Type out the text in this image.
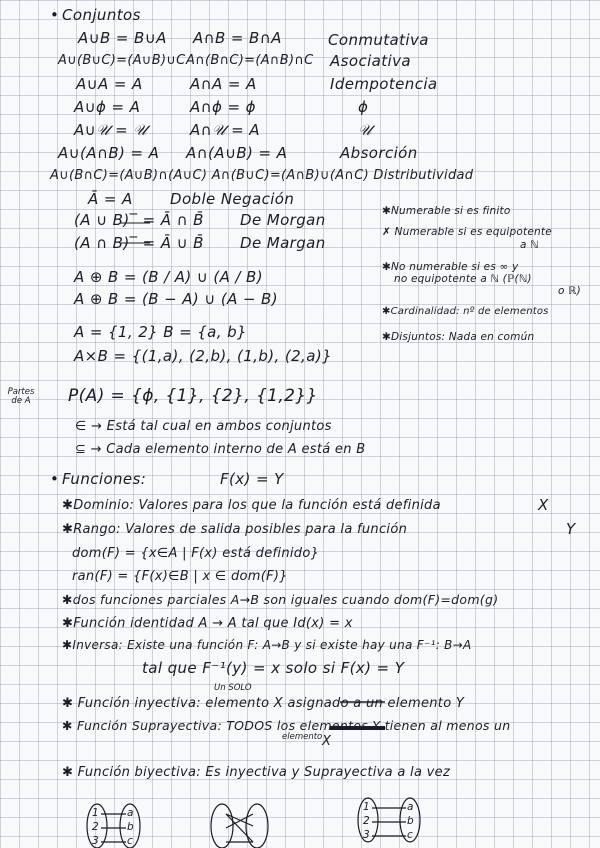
• Conjuntos
A∪B = B∪A A∩B = B∩A	Conmutativa
A∪(B∪C)=(A∪B)∪C A∩(B∩C)=(A∩B)∩C Asociativa
A∪A = A	A∩A = A	Idempotencia
A∪ϕ = A	A∩ϕ = ϕ	ϕ
A∪𝒰 = 𝒰	A∩𝒰 = A	𝒰
A∪(A∩B) = A A∩(A∪B) = A	Absorción
A∪(B∩C)=(A∪B)∩(A∪C) A∩(B∪C)=(A∩B)∪(A∩C) Distributividad
Ā = A Doble Negación
(A ∪ B)‾ = Ā ∩ B̄ De Morgan
(A ∩ B)‾ = Ā ∪ B̄ De Margan
A ⊕ B = (B / A) ∪ (A / B)
A ⊕ B = (B − A) ∪ (A − B)
A = {1, 2} B = {a, b}
A×B = {(1,a), (2,b), (1,b), (2,a)}
Partes de A	P(A) = {ϕ, {1}, {2}, {1,2}}
∈ → Está tal cual en ambos conjuntos
⊆ → Cada elemento interno de A está en B
✱Numerable si es finito
✗ Numerable si es equipotente
a ℕ
✱No numerable si es ∞ y
no equipotente a ℕ (ℙ(ℕ)
o ℝ)
✱Cardinalidad: nº de elementos
✱Disjuntos: Nada en común
• Funciones:	F(x) = Y
✱Dominio: Valores para los que la función está definida	X
✱Rango: Valores de salida posibles para la función	Y
dom(F) = {x∈A | F(x) está definido}
ran(F) = {F(x)∈B | x ∈ dom(F)}
✱dos funciones parciales A→B son iguales cuando dom(F)=dom(g)
✱Función identidad A → A tal que Id(x) = x
✱Inversa: Existe una función F: A→B y si existe hay una F⁻¹: B→A
tal que F⁻¹(y) = x solo si F(x) = Y
Un SOLO
✱ Función inyectiva: elemento X asignado a un elemento Y
✱ Función Suprayectiva: TODOS los elementos Y tienen al menos un
elemento X
✱ Función biyectiva: Es inyectiva y Suprayectiva a la vez
1
2
3
a
b
c
1
2
3
a
b
c
